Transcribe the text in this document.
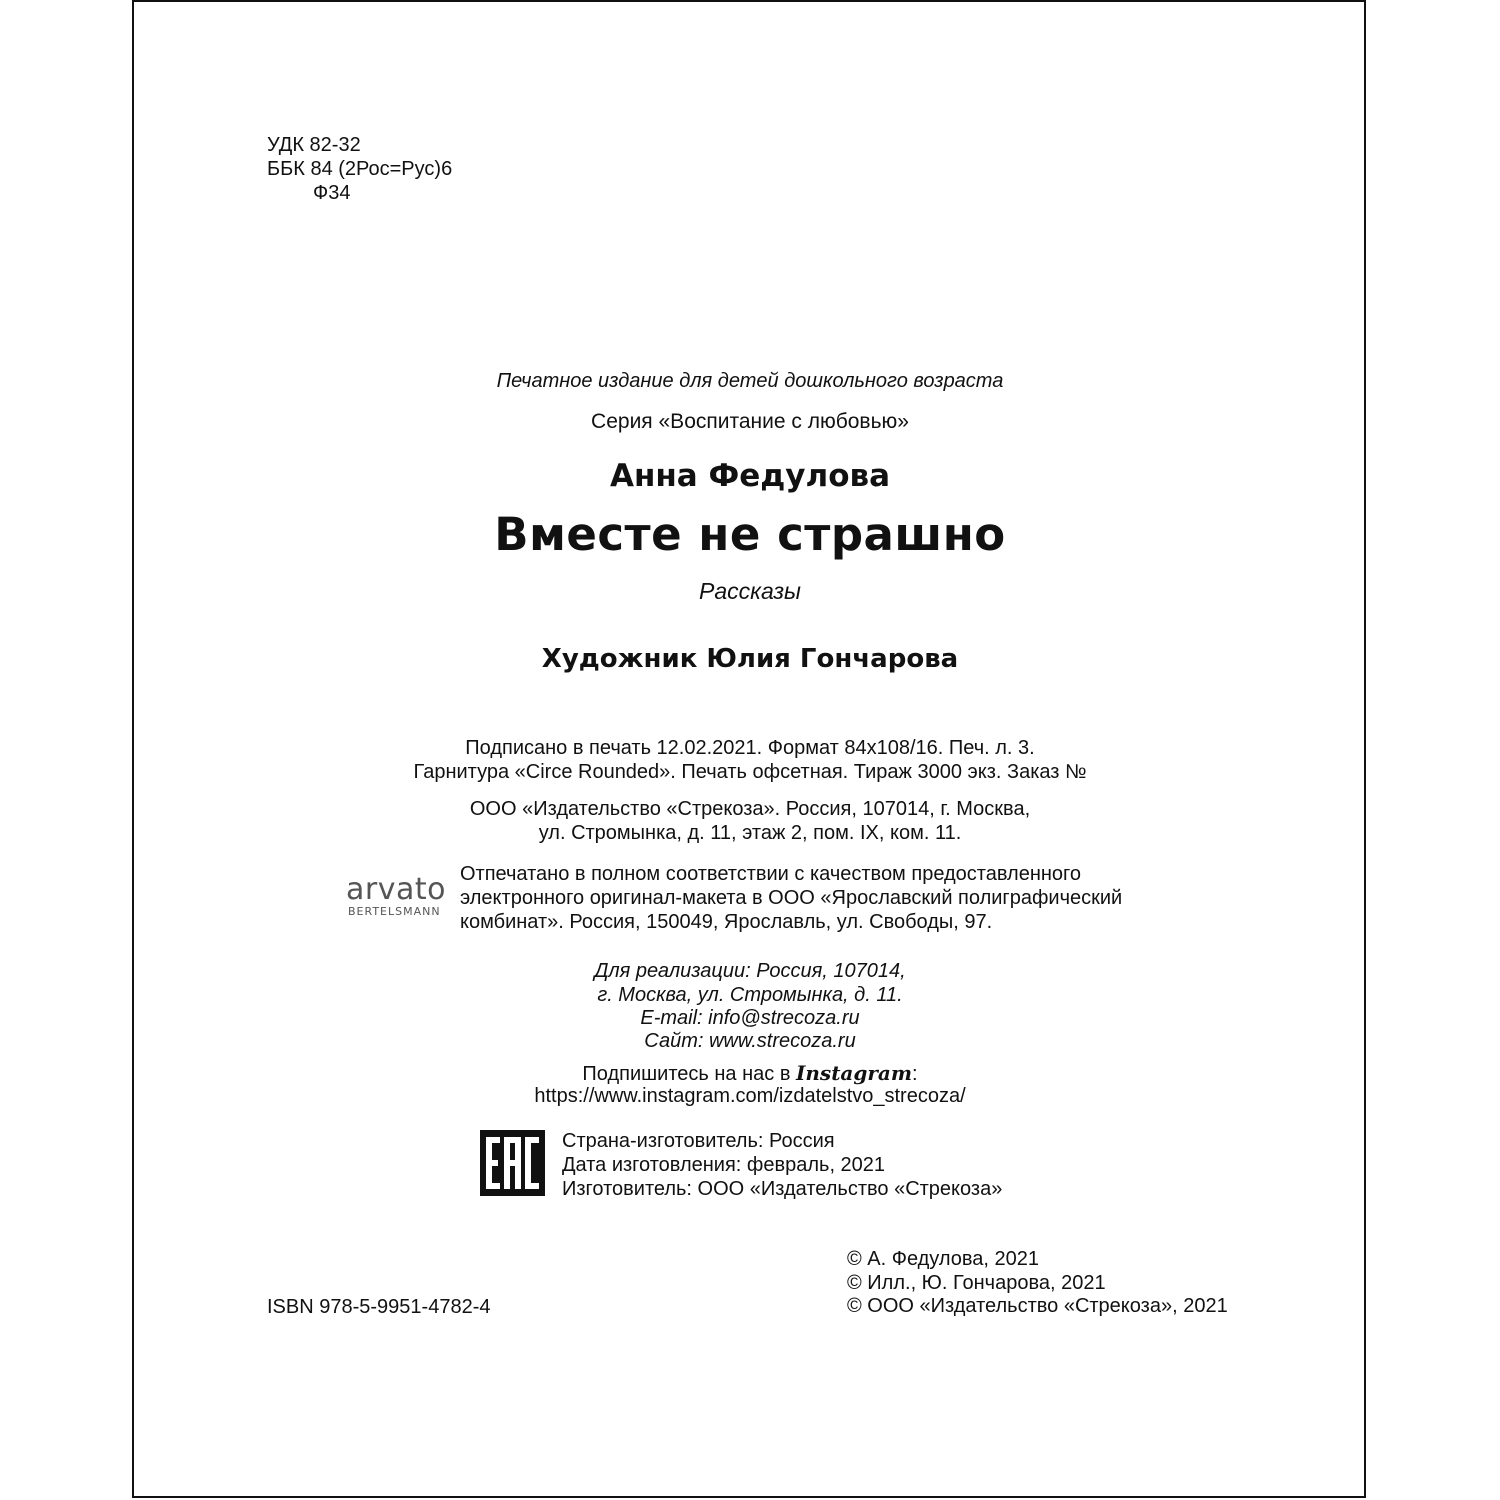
УДК 82-32
ББК 84 (2Рос=Рус)6
Ф34
Печатное издание для детей дошкольного возраста
Серия «Воспитание с любовью»
Анна Федулова
Вместе не страшно
Рассказы
Художник Юлия Гончарова
Подписано в печать 12.02.2021. Формат 84х108/16. Печ. л. 3.
Гарнитура «Circe Rounded». Печать офсетная. Тираж 3000 экз. Заказ №
ООО «Издательство «Стрекоза». Россия, 107014, г. Москва,
ул. Стромынка, д. 11, этаж 2, пом. IX, ком. 11.
arvato
BERTELSMANN
Отпечатано в полном соответствии с качеством предоставленного
электронного оригинал-макета в ООО «Ярославский полиграфический
комбинат». Россия, 150049, Ярославль, ул. Свободы, 97.
Для реализации: Россия, 107014,
г. Москва, ул. Стромынка, д. 11.
E-mail: info@strecoza.ru
Сайт: www.strecoza.ru
Подпишитесь на нас в Instagram:
https://www.instagram.com/izdatelstvo_strecoza/
Страна-изготовитель: Россия
Дата изготовления: февраль, 2021
Изготовитель: ООО «Издательство «Стрекоза»
© А. Федулова, 2021
© Илл., Ю. Гончарова, 2021
© ООО «Издательство «Стрекоза», 2021
ISBN 978-5-9951-4782-4
